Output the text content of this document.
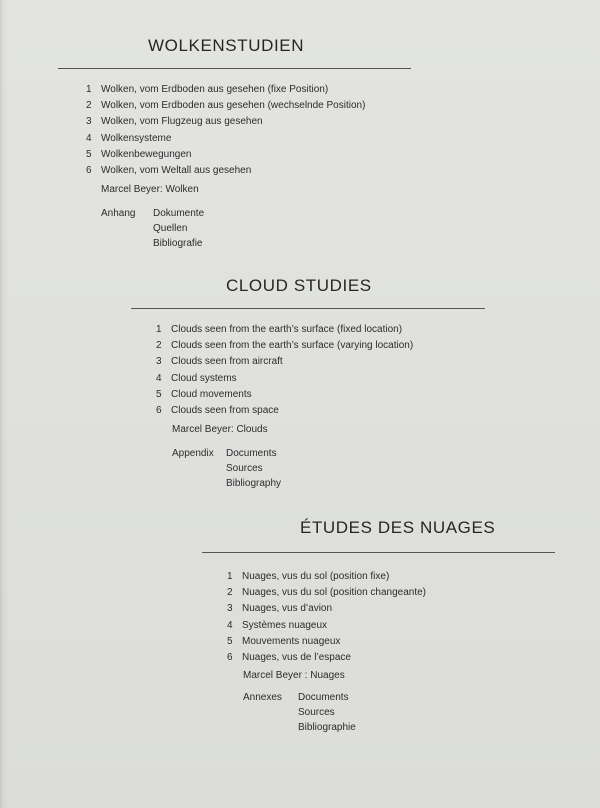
WOLKENSTUDIEN
1 Wolken, vom Erdboden aus gesehen (fixe Position)
2 Wolken, vom Erdboden aus gesehen (wechselnde Position)
3 Wolken, vom Flugzeug aus gesehen
4 Wolkensysteme
5 Wolkenbewegungen
6 Wolken, vom Weltall aus gesehen
Marcel Beyer: Wolken
Anhang Dokumente
Quellen
Bibliografie
CLOUD STUDIES
1 Clouds seen from the earth’s surface (fixed location)
2 Clouds seen from the earth’s surface (varying location)
3 Clouds seen from aircraft
4 Cloud systems
5 Cloud movements
6 Clouds seen from space
Marcel Beyer: Clouds
Appendix Documents
Sources
Bibliography
ÉTUDES DES NUAGES
1 Nuages, vus du sol (position fixe)
2 Nuages, vus du sol (position changeante)
3 Nuages, vus d’avion
4 Systèmes nuageux
5 Mouvements nuageux
6 Nuages, vus de l’espace
Marcel Beyer : Nuages
Annexes Documents
Sources
Bibliographie
